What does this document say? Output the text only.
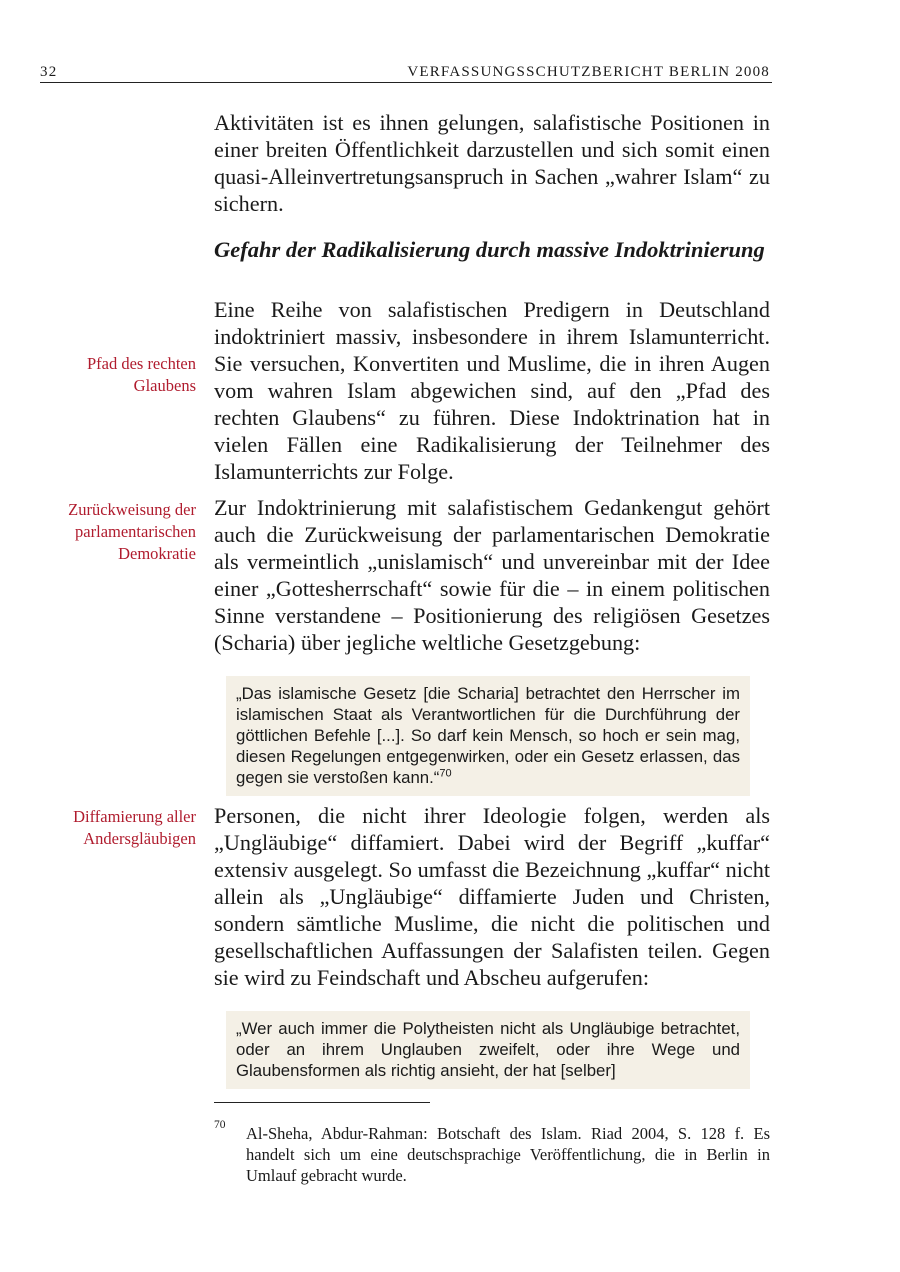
32	VERFASSUNGSSCHUTZBERICHT BERLIN 2008

Aktivitäten ist es ihnen gelungen, salafistische Positionen in einer breiten Öffentlichkeit darzustellen und sich somit einen quasi-Alleinvertretungsanspruch in Sachen „wahrer Islam“ zu sichern.

Gefahr der Radikalisierung durch massive Indoktrinierung
Pfad des rechten Glaubens

Eine Reihe von salafistischen Predigern in Deutschland indoktriniert massiv, insbesondere in ihrem Islamunterricht. Sie versuchen, Konvertiten und Muslime, die in ihren Augen vom wahren Islam abgewichen sind, auf den „Pfad des rechten Glaubens“ zu führen. Diese Indoktrination hat in vielen Fällen eine Radikalisierung der Teilnehmer des Islamunterrichts zur Folge.

Zurückweisung der parlamentarischen Demokratie

Zur Indoktrinierung mit salafistischem Gedankengut gehört auch die Zurückweisung der parlamentarischen Demokratie als vermeintlich „unislamisch“ und unvereinbar mit der Idee einer „Gottesherrschaft“ sowie für die – in einem politischen Sinne verstandene – Positionierung des religiösen Gesetzes (Scharia) über jegliche weltliche Gesetzgebung:

„Das islamische Gesetz [die Scharia] betrachtet den Herrscher im islamischen Staat als Verantwortlichen für die Durchführung der göttlichen Befehle [...]. So darf kein Mensch, so hoch er sein mag, diesen Regelungen entgegenwirken, oder ein Gesetz erlassen, das gegen sie verstoßen kann.“$^{70}$
Diffamierung aller Andersgläubigen

Personen, die nicht ihrer Ideologie folgen, werden als „Ungläubige“ diffamiert. Dabei wird der Begriff „kuffar“ extensiv ausgelegt. So umfasst die Bezeichnung „kuffar“ nicht allein als „Ungläubige“ diffamierte Juden und Christen, sondern sämtliche Muslime, die nicht die politischen und gesellschaftlichen Auffassungen der Salafisten teilen. Gegen sie wird zu Feindschaft und Abscheu aufgerufen:

„Wer auch immer die Polytheisten nicht als Ungläubige betrachtet, oder an ihrem Unglauben zweifelt, oder ihre Wege und Glaubensformen als richtig ansieht, der hat [selber]
70 Al-Sheha, Abdur-Rahman: Botschaft des Islam. Riad 2004, S. 128 f. Es handelt sich um eine deutschsprachige Veröffentlichung, die in Berlin in Umlauf gebracht wurde.
